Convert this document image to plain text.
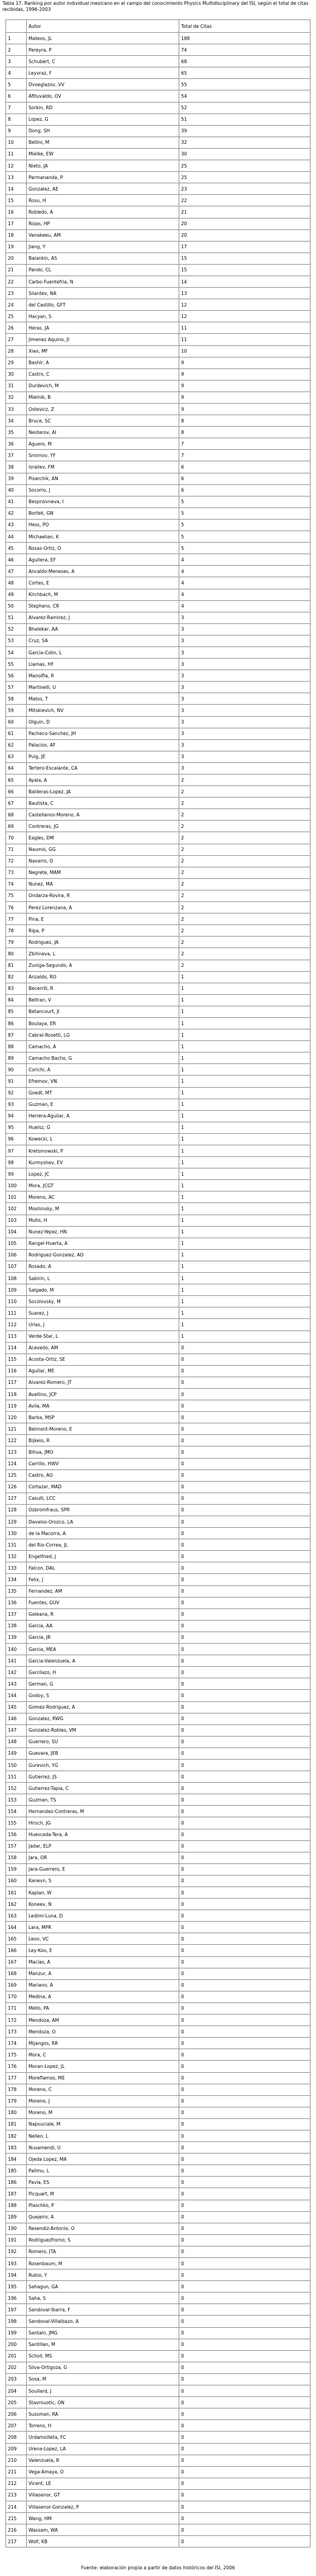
Tabla 17. Ranking por autor individual mexicano en el campo del conocimiento Physics Multidisciplinary del ISI, según el total de citas recibidas, 1996-2003

	Autor	Total de Citas
1	Mateos, JL	188
2	Pereyra, P	74
3	Schubert, C	68
4	Leyvraz, F	65
5	Dvoeglazov, VV	55
6	Afituvaldo, OV	54
7	Sorkin, RD	52
8	Lopez, G	51
9	Dong, SH	39
10	Bellini, M	32
11	Mielke, EW	30
12	Nieto, JA	25
13	Parmananda, P	25
14	Gonzalez, AE	23
15	Rosu, H	22
16	Robledo, A	21
17	Rojas, HP	20
18	Vanakeeu, AM	20
19	Jiang, Y	17
20	Balankin, AS	15
21	Pando, CL	15
22	Carbo-Fuentefria, N	14
23	Silantev, NA	13
24	del Castillo, GFT	12
25	Hacyan, S	12
26	Heras, JA	11
27	Jimenez Aquino, JI	11
28	Xiao, MF	10
29	Bashir, A	9
30	Castro, C	9
31	Durdevich, M	9
32	Mielnik, B	9
33	Ostevicz, Z	9
34	Bruce, SC	8
35	Nesterov, AI	8
36	Aguero, M	7
37	Smirnov, YF	7
38	Israilev, FM	6
39	Pisarchik, AN	6
40	Socorro, J	6
41	Bespnovneva, I	5
42	Bortek, GN	5
43	Hess, PO	5
44	Michaelian, K	5
45	Rosas-Ortiz, O	5
46	Aguilera, EF	4
47	Ancaldo-Meneses, A	4
48	Cortes, E	4
49	Kirchbach, M	4
50	Stephens, CR	4
51	Alvarez-Ramirez, J	3
52	Bhalekar, AA	3
53	Cruz, SA	3
54	Garcia-Colin, L	3
55	Llamas, HF	3
56	Manolfia, R	3
57	Martinelli, U	3
58	Matos, T	3
59	Mitskievich, NV	3
60	Olguin, D	3
61	Pacheco-Sanchez, JH	3
62	Palacios, AF	3
63	Puig, JE	3
64	Tertero-Escalante, CA	3
65	Ayala, A	2
66	Balderas-Lopez, JA	2
67	Bautista, C	2
68	Castellanos-Moreno, A	2
69	Contreras, JG	2
70	Eagles, DM	2
71	Naumis, GG	2
72	Navarro, O	2
73	Negrete, MAM	2
74	Nunez, MA	2
75	Ondarza-Rovira, R	2
76	Perez Lorenzana, A	2
77	Pina, E	2
78	Ripa, P	2
79	Rodriguez, JA	2
80	Zbihneva, L	2
81	Zuniga-Segundo, A	2
82	Anzaldo, RO	1
83	Becerrill, R	1
84	Beltran, V	1
85	Betancourt, JI	1
86	Boulaya, ER	1
87	Cabral-Rosetti, LG	1
88	Camacho, A	1
89	Camacho Bacho, G	1
90	Corichi, A	1
91	Efremov, VN	1
92	Goedt, MT	1
93	Guzman, E	1
94	Herrera-Aguilar, A	1
95	Huelsz, G	1
96	Kowecki, L	1
97	Kretsmowski, P	1
98	Kurmyshev, EV	1
99	Lopez, JC	1
100	Mora, JCGT	1
101	Moreno, AC	1
102	Moshinsky, M	1
103	Mutis, H	1
104	Nunez-Yepez, HN	1
105	Rangel-Huerta, A	1
106	Rodriguez-Gonzalez, AO	1
107	Rosado, A	1
108	Sabirin, L	1
109	Salgado, M	1
110	Socolovsky, M	1
111	Suarez, J	1
112	Urias, J	1
113	Verde-Star, L	1
114	Acevedo, AM	0
115	Acosta-Ortiz, SE	0
116	Aguilar, ME	0
117	Alvarez-Romero, JT	0
118	Avellino, JCP	0
119	Avila, MA	0
120	Barba, MSP	0
121	Belmont-Moreno, E	0
122	Bijkeio, R	0
123	Bihua, JMO	0
124	Carrillo, HWV	0
125	Castro, AO	0
126	Cortazar, MAD	0
127	Casulli, LCC	0
128	Ozbromfraus, SPR	0
129	Davalos-Orozco, LA	0
130	de la Macorra, A	0
131	del Rio-Correa, JL	0
132	Engelfried, J	0
133	Falcon, DAL	0
134	Felix, J	0
135	Fernandez, AM	0
136	Fuentes, GUV	0
137	Galeana, R	0
138	Garcia, AA	0
139	Garcia, JR	0
140	Garcia, MEA	0
141	Garcia-Valenzuela, A	0
142	Garcilazo, H	0
143	German, G	0
144	Godoy, S	0
145	Gomez-Rodriguez, A	0
146	Gonzalez, RWG	0
147	Gonzalez-Robles, VM	0
148	Guerrero, SU	0
149	Guevara, JEB	0
150	Gurevich, YG	0
151	Gutierrez, JS	0
152	Gutierrez-Tapia, C	0
153	Guzman, TS	0
154	Hernandez-Contreras, M	0
155	Hirsch, JG	0
156	Huesceda-Tera, A	0
157	Jadar, ELP	0
158	Jara, OR	0
159	Jara-Guerrero, E	0
160	Kanevn, S	0
161	Kaplan, W	0
162	Koneev, N	0
163	Ledimi-Luna, D	0
164	Lara, MPR	0
165	Leon, VC	0
166	Ley-Koo, E	0
167	Macias, A	0
168	Manzur, A	0
169	Mariano, A	0
170	Medina, A	0
171	Mello, PA	0
172	Mendoza, AM	0
173	Mendoza, O	0
174	Mijangos, RR	0
175	Mora, C	0
176	Moran-Lopez, JL	0
177	Moreflamos, ME	0
178	Moreno, C	0
179	Moreno, J	0
180	Moreno, M	0
181	Napsuciale, M	0
182	Nellen, L	0
183	Nusamendi, U	0
184	Ojeda Lopez, MA	0
185	Pallmu, L	0
186	Pavia, ES	0
187	Picquart, M	0
188	Plaschko, P	0
189	Quejeiro, A	0
190	Resendiz-Antonio, O	0
191	Rodriguezfromo, S	0
192	Romero, JTA	0
193	Rosenbaum, M	0
194	Rubio, Y	0
195	Sahagun, GA	0
196	Saha, S	0
197	Sandoval-Ibarra, F	0
198	Sandoval-Villalbazo, A	0
199	Santaln, JMG	0
200	Santillan, M	0
201	Scholl, MS	0
202	Silva-Ortigoza, G	0
203	Sosa, M	0
204	Soullard, J	0
205	Stavrouotic, ON	0
206	Sussman, RA	0
207	Torrens, H	0
208	Urdamsilleta, FC	0
209	Urena-Lopez, LA	0
210	Valenzuela, R	0
211	Vega-Amaya, O	0
212	Vicent, LE	0
213	Villasenor, GT	0
214	Villasenor-Gonzalez, P	0
215	Wang, HM	0
216	Wassam, WA	0
217	Wolf, KB	0

Fuente: elaboración propia a partir de datos históricos del ISI, 2006
